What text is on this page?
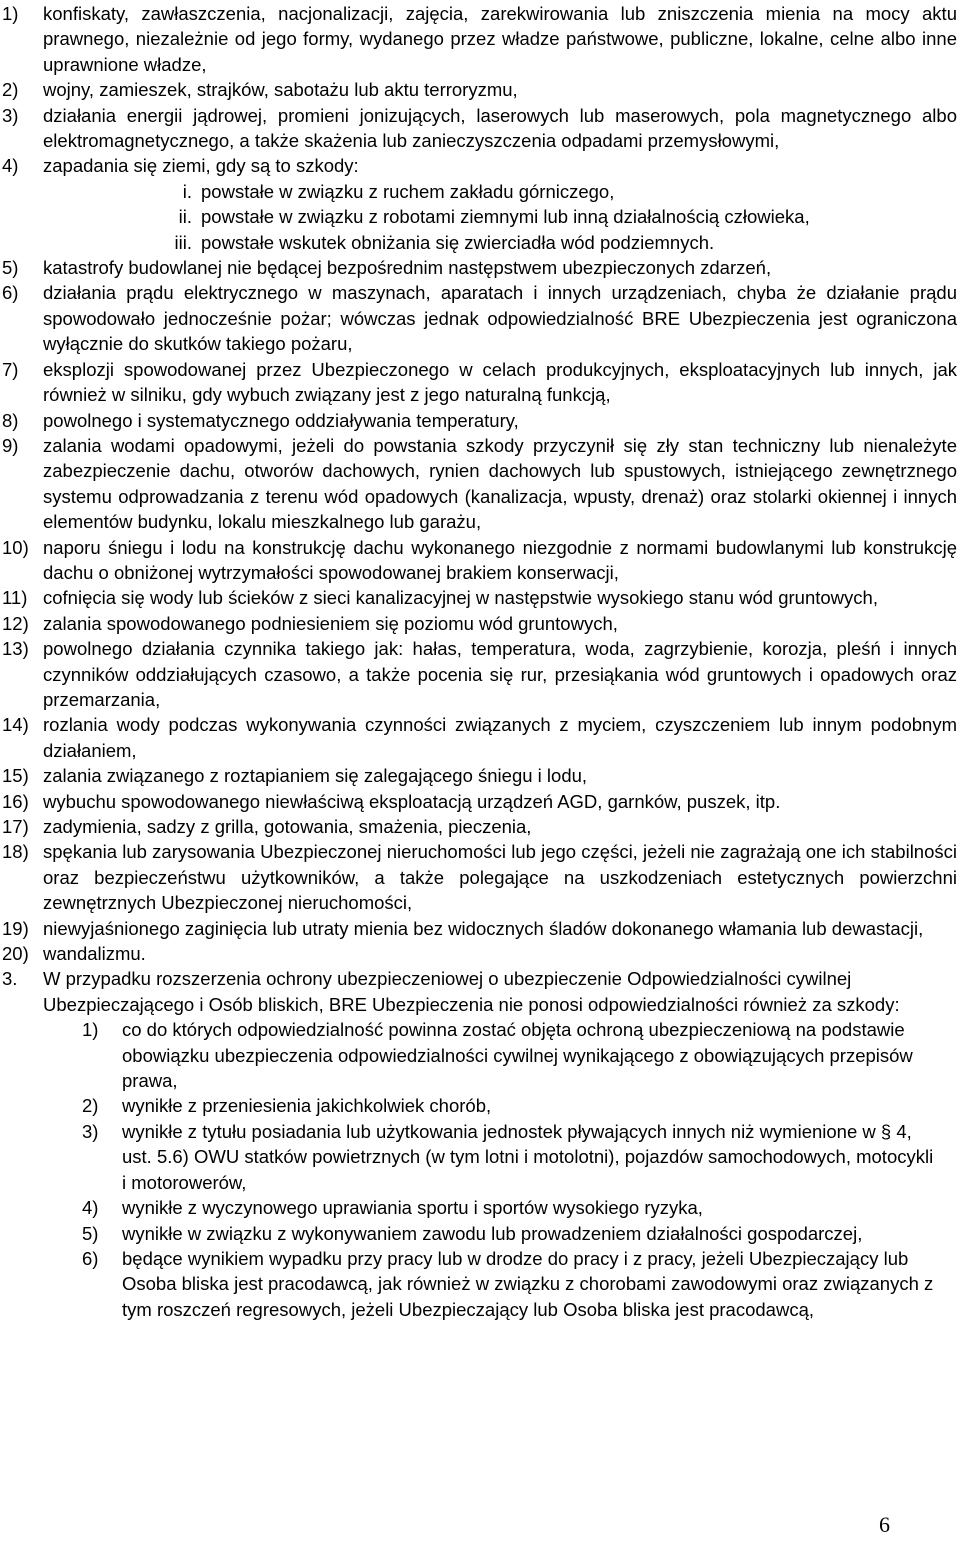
1) konfiskaty, zawłaszczenia, nacjonalizacji, zajęcia, zarekwirowania lub zniszczenia mienia na mocy aktu prawnego, niezależnie od jego formy, wydanego przez władze państwowe, publiczne, lokalne, celne albo inne uprawnione władze,
2) wojny, zamieszek, strajków, sabotażu lub aktu terroryzmu,
3) działania energii jądrowej, promieni jonizujących, laserowych lub maserowych, pola magnetycznego albo elektromagnetycznego, a także skażenia lub zanieczyszczenia odpadami przemysłowymi,
4) zapadania się ziemi, gdy są to szkody:
i. powstałe w związku z ruchem zakładu górniczego,
ii. powstałe w związku z robotami ziemnymi lub inną działalnością człowieka,
iii. powstałe wskutek obniżania się zwierciadła wód podziemnych.
5) katastrofy budowlanej nie będącej bezpośrednim następstwem ubezpieczonych zdarzeń,
6) działania prądu elektrycznego w maszynach, aparatach i innych urządzeniach, chyba że działanie prądu spowodowało jednocześnie pożar; wówczas jednak odpowiedzialność BRE Ubezpieczenia jest ograniczona wyłącznie do skutków takiego pożaru,
7) eksplozji spowodowanej przez Ubezpieczonego w celach produkcyjnych, eksploatacyjnych lub innych, jak również w silniku, gdy wybuch związany jest z jego naturalną funkcją,
8) powolnego i systematycznego oddziaływania temperatury,
9) zalania wodami opadowymi, jeżeli do powstania szkody przyczynił się zły stan techniczny lub nienależyte zabezpieczenie dachu, otworów dachowych, rynien dachowych lub spustowych, istniejącego zewnętrznego systemu odprowadzania z terenu wód opadowych (kanalizacja, wpusty, drenaż) oraz stolarki okiennej i innych elementów budynku, lokalu mieszkalnego lub garażu,
10) naporu śniegu i lodu na konstrukcję dachu wykonanego niezgodnie z normami budowlanymi lub konstrukcję dachu o obniżonej wytrzymałości spowodowanej brakiem konserwacji,
11) cofnięcia się wody lub ścieków z sieci kanalizacyjnej w następstwie wysokiego stanu wód gruntowych,
12) zalania spowodowanego podniesieniem się poziomu wód gruntowych,
13) powolnego działania czynnika takiego jak: hałas, temperatura, woda, zagrzybienie, korozja, pleśń i innych czynników oddziałujących czasowo, a także pocenia się rur, przesiąkania wód gruntowych i opadowych oraz przemarzania,
14) rozlania wody podczas wykonywania czynności związanych z myciem, czyszczeniem lub innym podobnym działaniem,
15) zalania związanego z roztapianiem się zalegającego śniegu i lodu,
16) wybuchu spowodowanego niewłaściwą eksploatacją urządzeń AGD, garnków, puszek, itp.
17) zadymienia, sadzy z grilla, gotowania, smażenia, pieczenia,
18) spękania lub zarysowania Ubezpieczonej nieruchomości lub jego części, jeżeli nie zagrażają one ich stabilności oraz bezpieczeństwu użytkowników, a także polegające na uszkodzeniach estetycznych powierzchni zewnętrznych Ubezpieczonej nieruchomości,
19) niewyjaśnionego zaginięcia lub utraty mienia bez widocznych śladów dokonanego włamania lub dewastacji,
20) wandalizmu.
3. W przypadku rozszerzenia ochrony ubezpieczeniowej o ubezpieczenie Odpowiedzialności cywilnej Ubezpieczającego i Osób bliskich, BRE Ubezpieczenia nie ponosi odpowiedzialności również za szkody:
1) co do których odpowiedzialność powinna zostać objęta ochroną ubezpieczeniową na podstawie obowiązku ubezpieczenia odpowiedzialności cywilnej wynikającego z obowiązujących przepisów prawa,
2) wynikłe z przeniesienia jakichkolwiek chorób,
3) wynikłe z tytułu posiadania lub użytkowania jednostek pływających innych niż wymienione w § 4, ust. 5.6) OWU statków powietrznych (w tym lotni i motolotni), pojazdów samochodowych, motocykli i motorowerów,
4) wynikłe z wyczynowego uprawiania sportu i sportów wysokiego ryzyka,
5) wynikłe w związku z wykonywaniem zawodu lub prowadzeniem działalności gospodarczej,
6) będące wynikiem wypadku przy pracy lub w drodze do pracy i z pracy, jeżeli Ubezpieczający lub Osoba bliska jest pracodawcą, jak również w związku z chorobami zawodowymi oraz związanych z tym roszczeń regresowych, jeżeli Ubezpieczający lub Osoba bliska jest pracodawcą,
6
